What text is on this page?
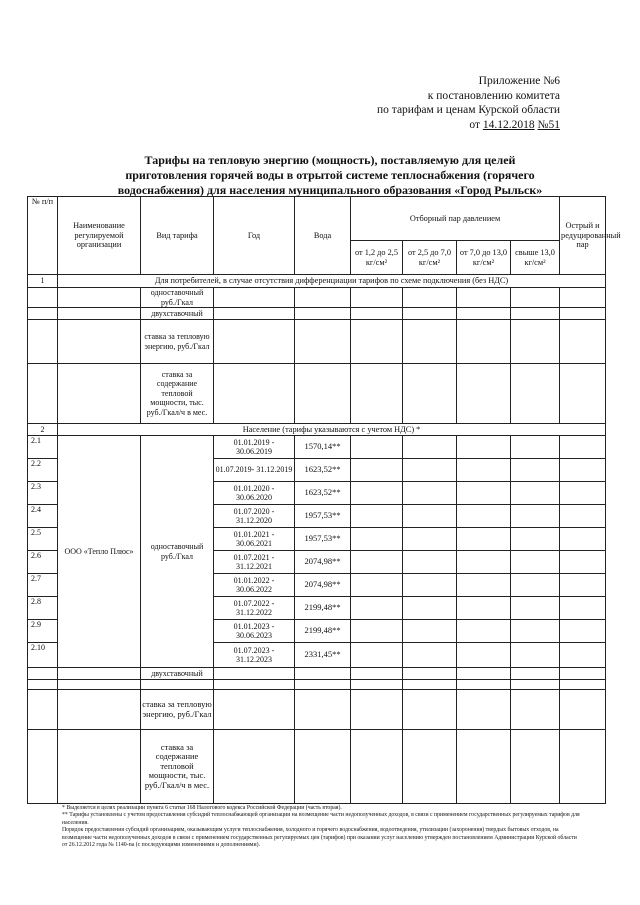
Приложение №6
к постановлению комитета
по тарифам и ценам Курской области
от 14.12.2018 №51
Тарифы на тепловую энергию (мощность), поставляемую для целей
приготовления горячей воды в отрытой системе теплоснабжения (горячего
водоснабжения) для населения муниципального образования «Город Рыльск»
№ п/п	Наименование регулируемой организации	Вид тарифа	Год	Вода	Отборный пар давлением				Острый и редуцированный пар
					от 1,2 до 2,5 кг/см²	от 2,5 до 7,0 кг/см²	от 7,0 до 13,0 кг/см²	свыше 13,0 кг/см²	
1	Для потребителей, в случае отсутствия дифференциации тарифов по схеме подключения (без НДС)								
		одноставочный руб./Гкал							
		двухставочный							
		ставка за тепловую энергию, руб./Гкал							
		ставка за содержание тепловой мощности, тыс. руб./Гкал/ч в мес.							
2	Население (тарифы указываются с учетом НДС) *								
2.1	ООО «Тепло Плюс»	одноставочный руб./Гкал	01.01.2019 - 30.06.2019	1570,14**					
2.2			01.07.2019- 31.12.2019	1623,52**					
2.3			01.01.2020 - 30.06.2020	1623,52**					
2.4			01.07.2020 - 31.12.2020	1957,53**					
2.5			01.01.2021 - 30.06.2021	1957,53**					
2.6			01.07.2021 - 31.12.2021	2074,98**					
2.7			01.01.2022 - 30.06.2022	2074,98**					
2.8			01.07.2022 - 31.12.2022	2199,48**					
2.9			01.01.2023 - 30.06.2023	2199,48**					
2.10			01.07.2023 - 31.12.2023	2331,45**					
		двухставочный							

		ставка за тепловую энергию, руб./Гкал							
		ставка за содержание тепловой мощности, тыс. руб./Гкал/ч в мес.							

* Выделяется в целях реализации пункта 6 статьи 168 Налогового кодекса Российской Федерации (часть вторая).

** Тарифы установлены с учетом предоставления субсидий теплоснабжающей организации на возмещение части недополученных доходов, в связи с применением государственных регулируемых тарифов для населения.

Порядок предоставления субсидий организациям, оказывающим услуги теплоснабжения, холодного и горячего водоснабжения, водоотведения, утилизации (захоронения) твердых бытовых отходов, на возмещение части недополученных доходов в связи с применением государственных регулируемых цен (тарифов) при оказании услуг населению утвержден постановлением Администрации Курской области от 26.12.2012 года № 1140-па (с последующими изменениями и дополнениями).
